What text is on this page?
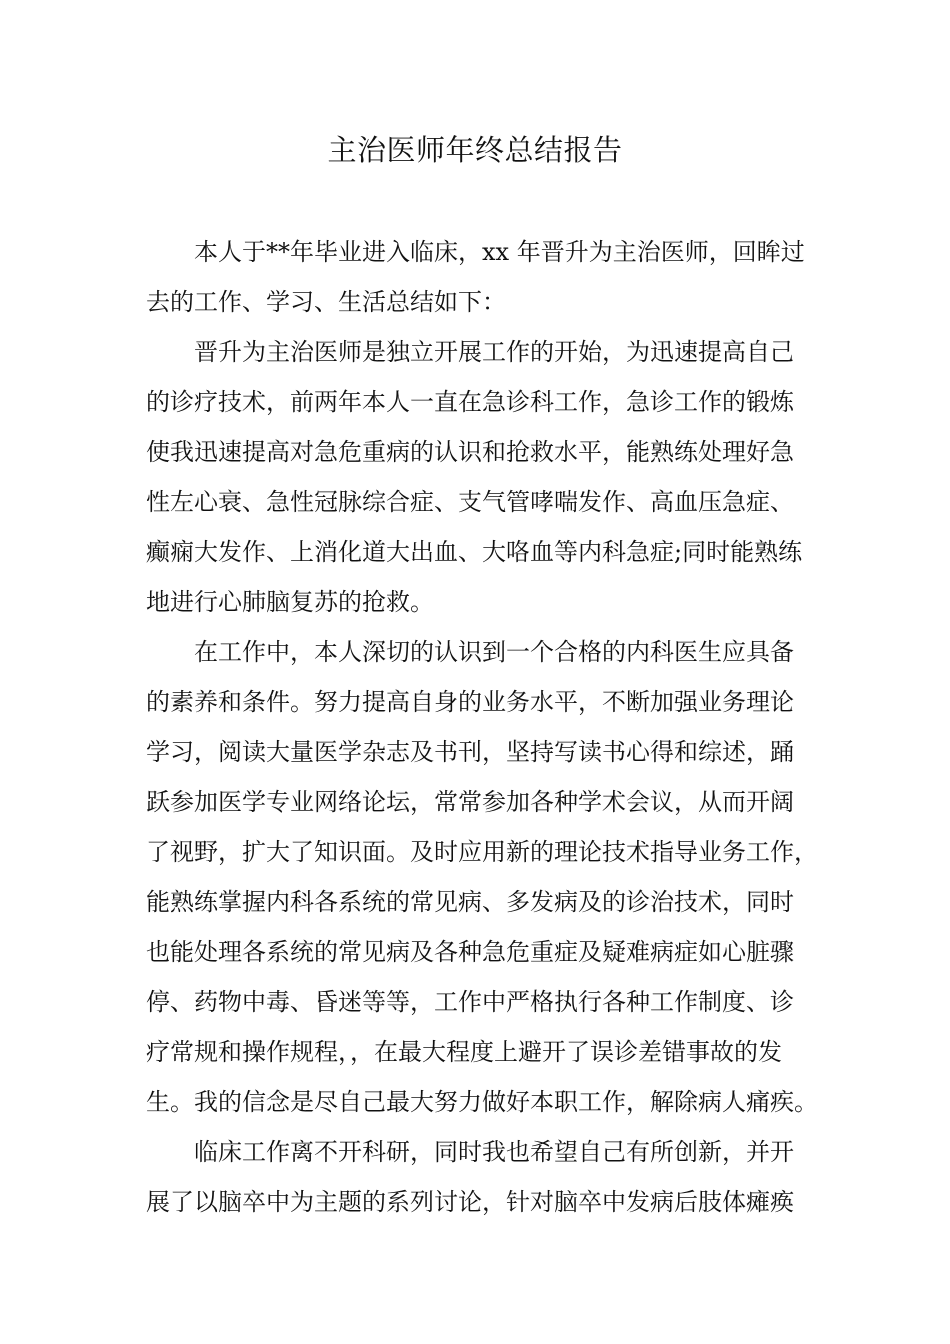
主治医师年终总结报告
本人于**年毕业进入临床，xx 年晋升为主治医师，回眸过
去的工作、学习、生活总结如下：
晋升为主治医师是独立开展工作的开始，为迅速提高自己
的诊疗技术，前两年本人一直在急诊科工作，急诊工作的锻炼
使我迅速提高对急危重病的认识和抢救水平，能熟练处理好急
性左心衰、急性冠脉综合症、支气管哮喘发作、高血压急症、
癫痫大发作、上消化道大出血、大咯血等内科急症;同时能熟练
地进行心肺脑复苏的抢救。
在工作中，本人深切的认识到一个合格的内科医生应具备
的素养和条件。努力提高自身的业务水平，不断加强业务理论
学习，阅读大量医学杂志及书刊，坚持写读书心得和综述，踊
跃参加医学专业网络论坛，常常参加各种学术会议，从而开阔
了视野，扩大了知识面。及时应用新的理论技术指导业务工作，
能熟练掌握内科各系统的常见病、多发病及的诊治技术，同时
也能处理各系统的常见病及各种急危重症及疑难病症如心脏骤
停、药物中毒、昏迷等等，工作中严格执行各种工作制度、诊
疗常规和操作规程，，在最大程度上避开了误诊差错事故的发
生。我的信念是尽自己最大努力做好本职工作，解除病人痛疾。
临床工作离不开科研，同时我也希望自己有所创新，并开
展了以脑卒中为主题的系列讨论，针对脑卒中发病后肢体瘫痪
